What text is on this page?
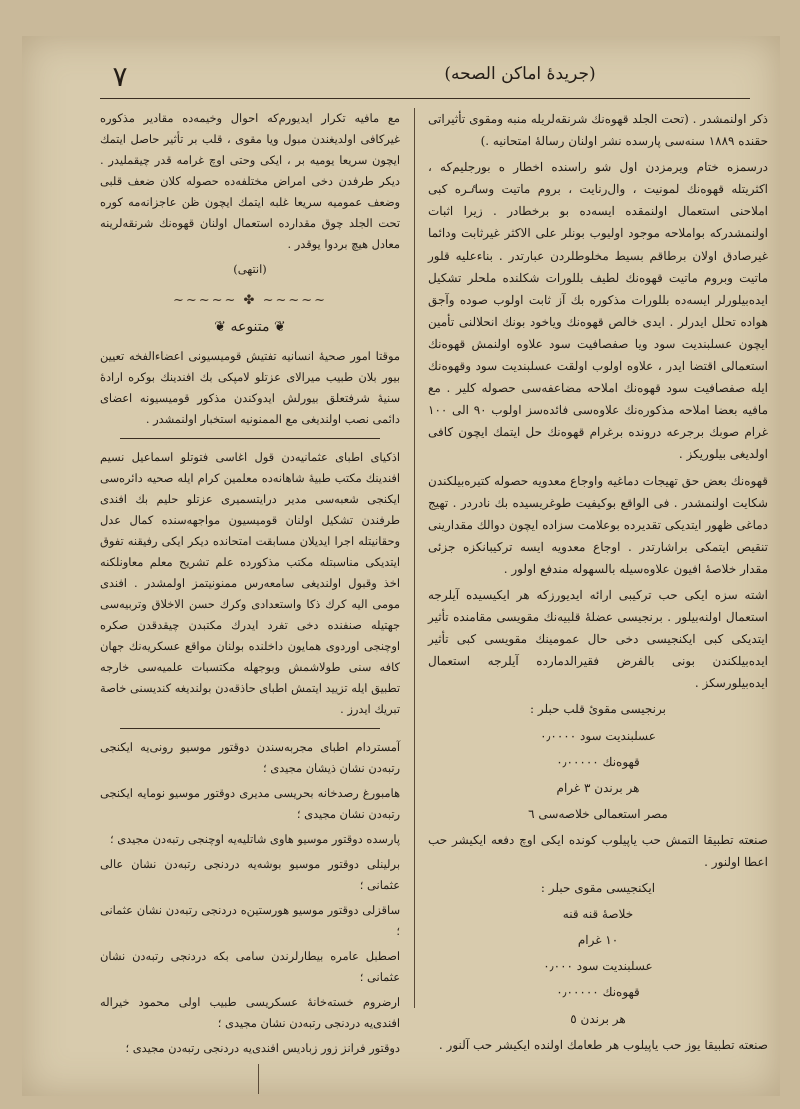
(جريدهٔ اماكن الصحه)
٧

ذکر اولنمشدر . (تحت الجلد قهوه‌نك شرنقه‌لريله منبه ومقوی تأثیراتی حقنده ١٨٨٩ سنه‌سی پارسده نشر اولنان رساله‌ٔ امتحانیه .)

درسمزه ختام ويرمزدن اول شو راسنده اخطار ه‌ بورجلیم‌که ، اکثریتله قهوه‌نك لمونیت ، وال‌رنايت ، بروم ماتيت وساٸره کبی املاحنی استعمال اولنمقده ایسه‌ده بو برخطادر . زیرا اثبات اولنمشدرکه بواملاحه موجود اولیوب بونلر علی الاکثر غیرثابت ودائما غیرصادق اولان برطاقم بسیط مخلوطلردن عبارتدر . بناءعلیه قلور ماتیت وبروم ماتیت قهوه‌نك لطیف بللورات شکلنده ملحلر تشکیل ایده‌بیلورلر ایسه‌ده بللورات مذکوره بك آز ثابت اولوب صوده وآجق هواده تحلل ایدرلر . ایدی خالص قهوه‌نك وياخود بونك انحلالنی تأمین ایچون عسلبنديت سود ويا صفصافيت سود علاوه اولنمش قهوه‌نك استعمالی اقتضا ایدر ، علاوه اولوب اولقت عسلبندیت سود وقهوه‌نك ایله صفصافیت سود قهوه‌نك املاحه مضاعفه‌سی حصوله کلیر . مع مافیه بعضا املاحه مذکوره‌نك علاوه‌سی فائده‌سز اولوب ٩٠ الی ١٠٠ غرام صوبك برجرعه درونده برغرام قهوه‌نك حل ایتمك ایچون کافی اولدیغی بیلوریکز .

قهوه‌نك بعض حق تهيجات دماغیه واوجاع معدويه حصوله كتیره‌بیلکندن شکایت اولنمشدر . فی الواقع بوکیفیت طوغریسیده بك نادردر . تهیج دماغی ظهور ایتدیکی تقدیرده‌ بوعلامت سزاده ایچون دوالك مقدارینی تنقیص ایتمکی براشارتدر . اوجاع معدويه ایسه ترکیبانکزه جزئی مقدار خلاصهٔ افیون علاوه‌سیله بالسهوله مندفع اولور .

اشته سزه ایکی حب ترکيبی ارائه ایدیورزکه هر ایکیسیده آیلرجه استعمال اولنه‌بیلور . برنجیسی عضله‌ٔ قلبیه‌نك مقويسی مقامنده تأثیر ایتدیکی کبی ایکنجیسی دخی حال عمومینك مقویسی کبی تأثیر ایده‌بیلکندن بونی بالفرض فقیرالدمارده آیلرجه استعمال ایده‌بیلورسکز .

برنجیسی مقوئ قلب حبلر :

عسلبنديت سود ٠٫٠٠٠٠

قهوه‌نك ٠٫٠٠٠٠٠

هر برندن ٣ غرام

مصر استعمالی خلاصه‌سی ٦

صنعته تطبیقا التمش حب یاپیلوب کونده ایکی اوچ دفعه ایکیشر حب اعطا اولنور .

ایکنجیسی مقوی حبلر :

خلاصهٔ قنه قنه

١٠ غرام

عسلبنديت سود ٠٫٠٠٠

قهوه‌نك ٠٫٠٠٠٠٠

هر برندن ٥

صنعته تطبیقا یوز حب یاپیلوب هر طعامك اولنده ایکیشر حب آلنور .

مع مافیه تکرار ایدیورم‌که احوال وخیمه‌ده مقادیر مذکوره غیرکافی اولدیغندن مبول ویا مقوی ، قلب بر تأثیر حاصل ایتمك ایچون سریعا یومیه بر ، ایکی وحتی اوچ غرامه قدر چیقملیدر . دیکر طرفدن دخی امراض مختلفه‌ده حصوله کلان ضعف قلبی وضعف عمومیه سریعا غلبه ایتمك ایچون ظن عاجزانه‌مه کوره تحت الجلد چوق مقدارده استعمال اولنان قهوه‌نك شرنقه‌لرینه معادل هیچ بردوا یوقدر .

(انتهی)

~~~~~ ✤ ~~~~~
❦ متنوعه ❦

موقتا امور صحیهٔ انسانیه تفتیش قومیسیونی اعضاءالفخه تعیین بیور بلان طبیب میرالای عزتلو لامپکی بك افندینك بوکره اراده‌ٔ سنیه‌ٔ شرفتعلق بیورلش ایدوکندن مذکور قومیسیونه اعضای دائمی نصب اولندیغی مع الممنونیه استخبار اولنمشدر .

اذکیای اطبای عثمانیه‌دن قول اغاسی فتوتلو اسماعیل نسیم افندینك مکتب طبیهٔ شاهانه‌ده معلمین کرام ایله صحیه دائره‌سی ایکنجی شعبه‌سی مدیر درایتسمیری عزتلو حلیم بك افندی طرفندن تشکیل اولنان قومیسیون مواجهه‌سنده کمال عدل وحقانیتله اجرا ایدیلان مسابقت امتحانده دیکر ایکی رفیقنه تفوق ایتدیکی مناسبتله مکتب مذکورده علم تشریح معلم معاونلکنه اخذ وقبول اولندیغی سامعه‌رس ممنونیتمز اولمشدر . افندی مومی الیه کرك ذکا واستعدادی وکرك حسن الاخلاق وتربیه‌سی جهتیله صنفنده دخی تفرد ایدرك مکتبدن چیقدقدن صکره اوچنجی اوردوی همایون داخلنده بولنان مواقع عسکریه‌نك جهان کافه سنی طولاشمش وبوجهله مکتسبات علمیه‌سی خارجه تطبیق ایله تزیید ایتمش اطبای حاذقه‌دن بولندیغه کندیسنی خاصة تبریك ایدرز .

آمستردام اطبای مجربه‌سندن دوقتور موسیو رونی‌یه ایکنجی رتبه‌دن نشان ذیشان مجیدی ؛

هامبورغ رصدخانه بحریسی مدیری دوقتور موسیو نومایه ایکنجی رتبه‌دن نشان مجیدی ؛

پارسده دوقتور موسیو هاوی شاتلیه‌یه اوچنجی رتبه‌دن مجیدی ؛

برلینلی دوقتور موسیو بوشه‌یه دردنجی رتبه‌دن نشان عالی عثمانی ؛

ساقزلی دوقتور موسیو هورستین‌ه دردنجی رتبه‌دن نشان عثمانی ؛

اصطبل عامره بیطارلرندن سامی بکه دردنجی رتبه‌دن نشان عثمانی ؛

ارضروم خسته‌خانهٔ عسکریسی طبیب اولی محمود خیراله افندی‌یه دردنجی رتبه‌دن نشان مجیدی ؛

دوقتور فرانز زور زبادیس افندی‌یه دردنجی رتبه‌دن مجیدی ؛
